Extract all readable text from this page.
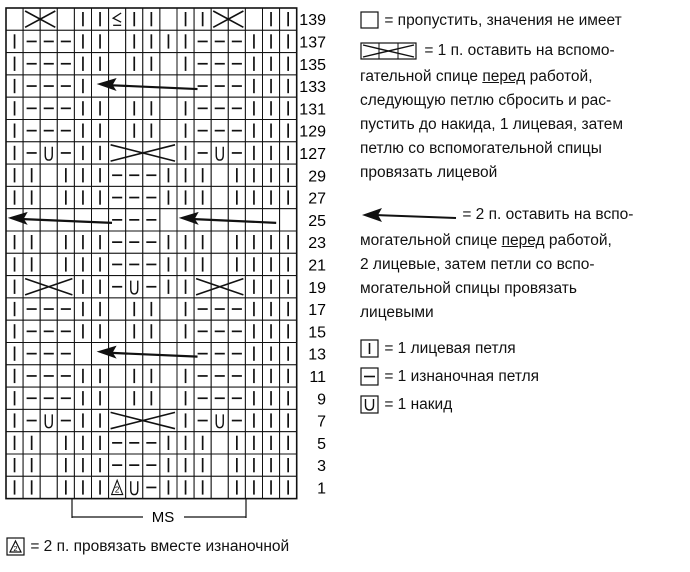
2
139
137
135
133
131
129
127
29
27
25
23
21
19
17
15
13
11
9
7
5
3
1
MS
= пропустить, значения не имеет
= 1 п. оставить на вспомо-
гательной спице перед работой,
следующую петлю сбросить и рас-
пустить до накида, 1 лицевая, затем
петлю со вспомогательной спицы
провязать лицевой
= 2 п. оставить на вспо-
могательной спице перед работой,
2 лицевые, затем петли со вспо-
могательной спицы провязать
лицевыми
= 1 лицевая петля
= 1 изнаночная петля
= 1 накид
2 = 2 п. провязать вместе изнаночной
